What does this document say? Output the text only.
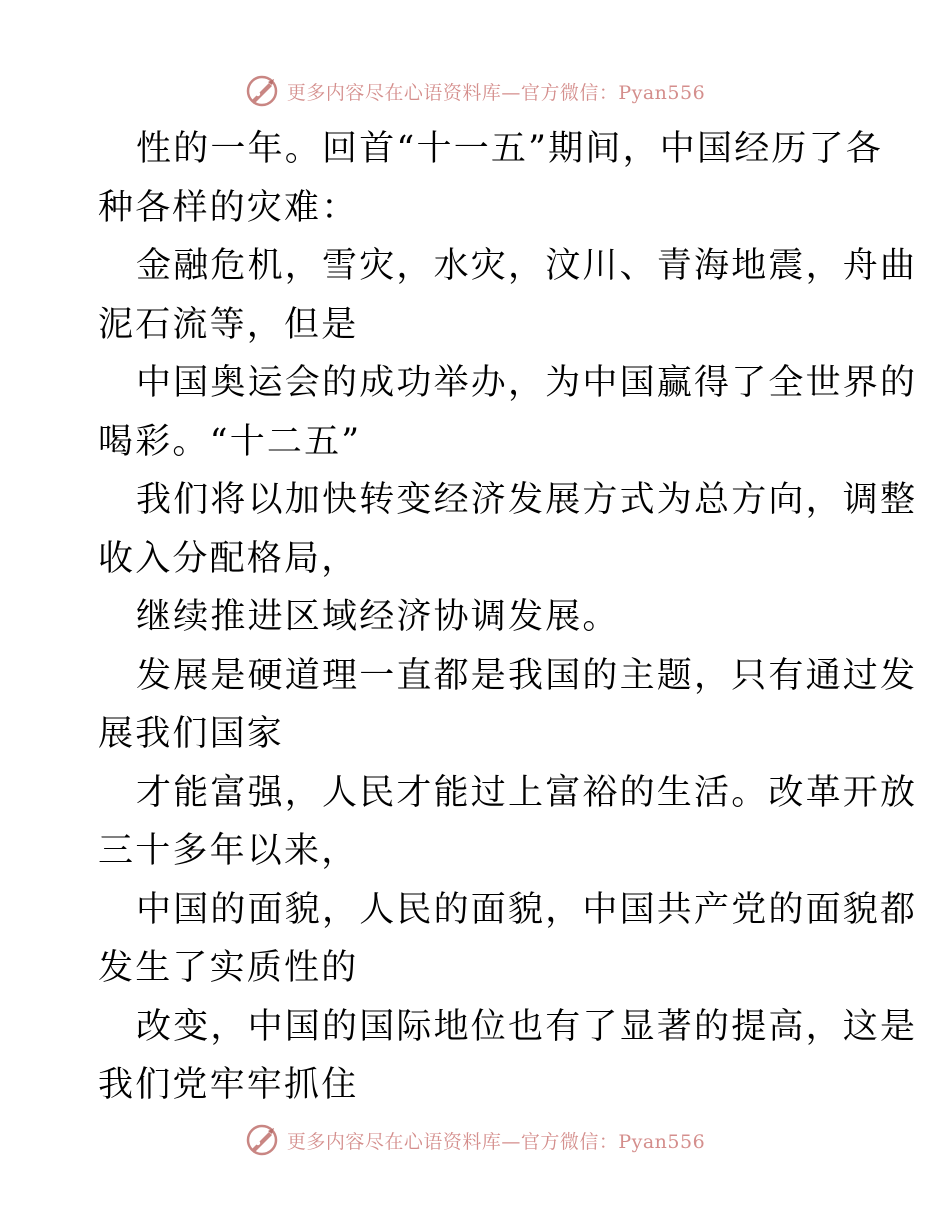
更多内容尽在心语资料库—官方微信：Pyan556
性的一年。回首“十一五”期间，中国经历了各
种各样的灾难：
金融危机，雪灾，水灾，汶川、青海地震，舟曲
泥石流等，但是
中国奥运会的成功举办，为中国赢得了全世界的
喝彩。“十二五”
我们将以加快转变经济发展方式为总方向，调整
收入分配格局，
继续推进区域经济协调发展。
发展是硬道理一直都是我国的主题，只有通过发
展我们国家
才能富强，人民才能过上富裕的生活。改革开放
三十多年以来，
中国的面貌，人民的面貌，中国共产党的面貌都
发生了实质性的
改变，中国的国际地位也有了显著的提高，这是
我们党牢牢抓住
更多内容尽在心语资料库—官方微信：Pyan556
